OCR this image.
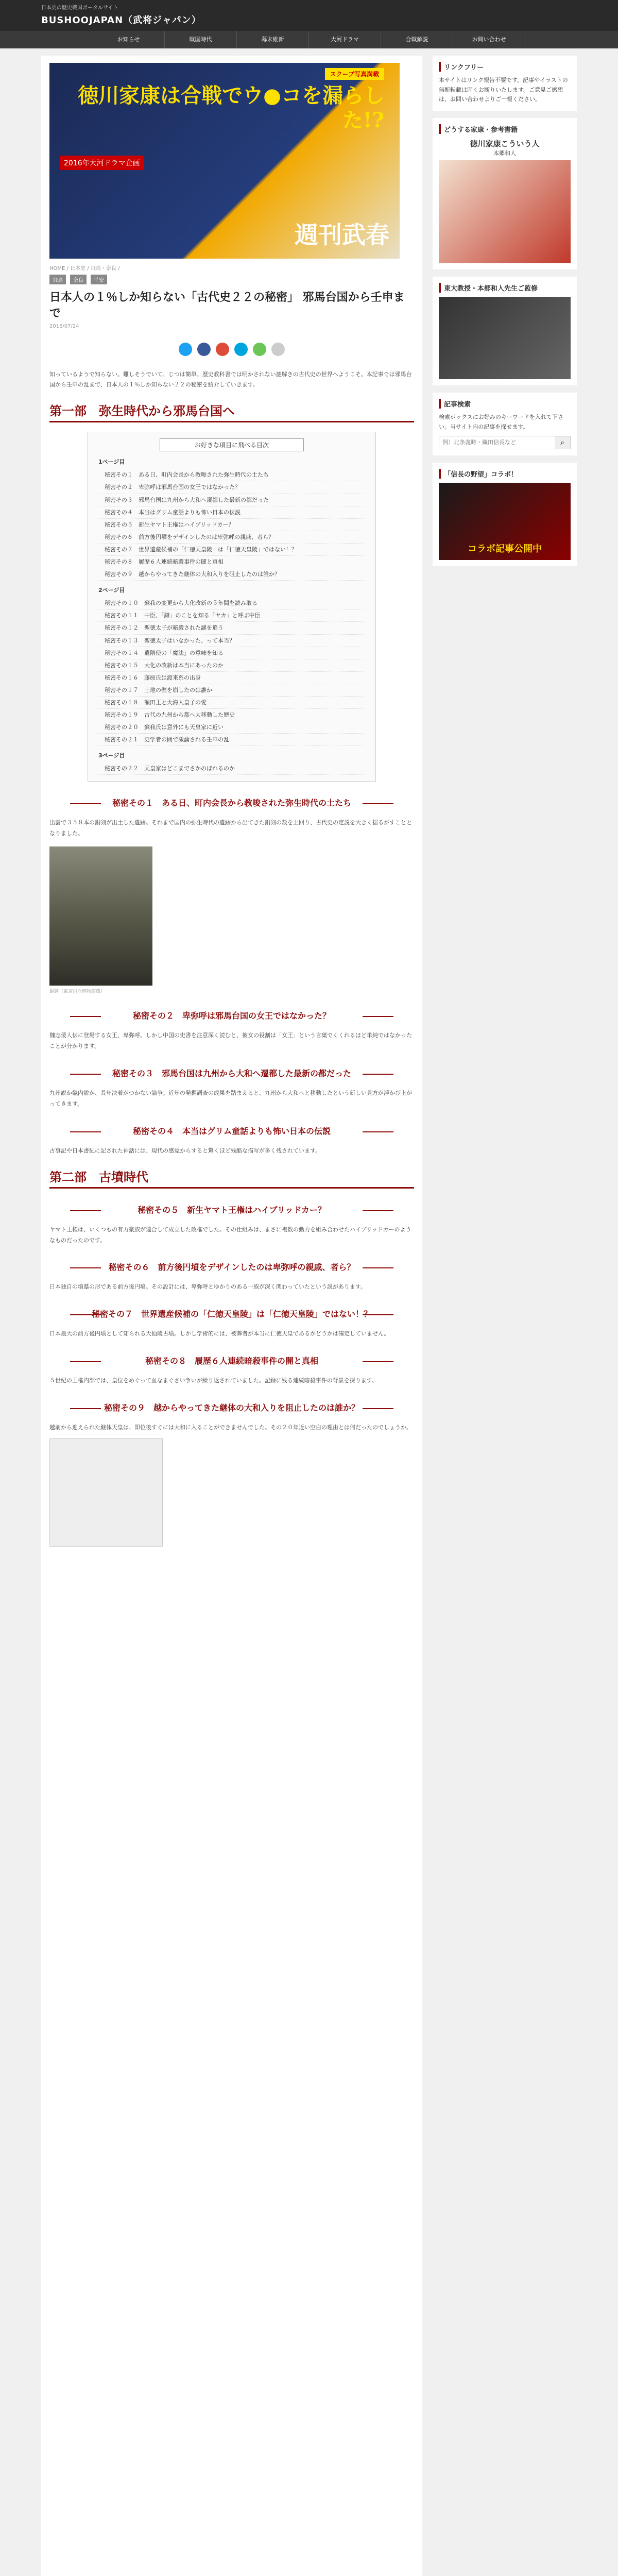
日本史の歴史戦国ポータルサイト
BUSHOOJAPAN（武将ジャパン）
お知らせ	戦国時代	幕末維新	大河ドラマ	合戦解説	お問い合わせ
スクープ写真満載
徳川家康は合戦でウ●コを漏らした!?
2016年大河ドラマ企画
週刊武春
HOME / 日本史 / 飛鳥・奈良 /
飛鳥 奈良 平安
日本人の１％しか知らない「古代史２２の秘密」 邪馬台国から壬申まで
2016/07/24

知っているようで知らない。難しそうでいて、じつは簡単。歴史教科書では明かされない謎解きの古代史の世界へようこそ。本記事では邪馬台国から壬申の乱まで、日本人の１％しか知らない２２の秘密を紹介していきます。

第一部　弥生時代から邪馬台国へ
お好きな項目に飛べる目次
1ページ目
秘密その１　ある日、町内会長から教唆された弥生時代の土たち
秘密その２　卑弥呼は邪馬台国の女王ではなかった？
秘密その３　邪馬台国は九州から大和へ遷都した最新の都だった
秘密その４　本当はグリム童話よりも怖い日本の伝説
秘密その５　新生ヤマト王権はハイブリッドカー？
秘密その６　前方後円墳をデザインしたのは卑弥呼の親戚、者ら？
秘密その７　世界遺産候補の「仁徳天皇陵」は「仁徳天皇陵」ではない！？
秘密その８　履歴６人連続暗殺事件の闇と真相
秘密その９　越からやってきた継体の大和入りを阻止したのは誰か？
2ページ目
秘密その１０　蘇我の変更から大化改新の５年間を読み取る
秘密その１１　中臣、「鎌」のことを知る「ヤカ」と呼ぶ中臣
秘密その１２　聖徳太子が暗殺された謎を追う
秘密その１３　聖徳太子はいなかった、って本当？
秘密その１４　遣隋使の「魔法」の意味を知る
秘密その１５　大化の改新は本当にあったのか
秘密その１６　藤原氏は渡来系の出身
秘密その１７　土地の壁を崩したのは誰か
秘密その１８　額田王と大海人皇子の愛
秘密その１９　古代の九州から都へ大移動した歴史
秘密その２０　蘇我氏は意外にも天皇家に近い
秘密その２１　史学者の間で激論される壬申の乱
3ページ目
秘密その２２　天皇家はどこまでさかのぼれるのか
秘密その１　ある日、町内会長から教唆された弥生時代の土たち

出雲で３５８本の銅剣が出土した遺跡。それまで国内の弥生時代の遺跡から出てきた銅剣の数を上回り、古代史の定説を大きく揺るがすこととなりました。

銅鐸（東京国立博物館蔵）
秘密その２　卑弥呼は邪馬台国の女王ではなかった？

魏志倭人伝に登場する女王、卑弥呼。しかし中国の史書を注意深く読むと、彼女の役割は「女王」という言葉でくくれるほど単純ではなかったことが分かります。

秘密その３　邪馬台国は九州から大和へ遷都した最新の都だった

九州説か畿内説か、長年決着がつかない論争。近年の発掘調査の成果を踏まえると、九州から大和へと移動したという新しい見方が浮かび上がってきます。

秘密その４　本当はグリム童話よりも怖い日本の伝説

古事記や日本書紀に記された神話には、現代の感覚からすると驚くほど残酷な描写が多く残されています。

第二部　古墳時代
秘密その５　新生ヤマト王権はハイブリッドカー？

ヤマト王権は、いくつもの有力豪族が連合して成立した政権でした。その仕組みは、まさに複数の動力を組み合わせたハイブリッドカーのようなものだったのです。

秘密その６　前方後円墳をデザインしたのは卑弥呼の親戚、者ら？

日本独自の墳墓の形である前方後円墳。その設計には、卑弥呼とゆかりのある一族が深く関わっていたという説があります。

秘密その７　世界遺産候補の「仁徳天皇陵」は「仁徳天皇陵」ではない！？

日本最大の前方後円墳として知られる大仙陵古墳。しかし学術的には、被葬者が本当に仁徳天皇であるかどうかは確定していません。

秘密その８　履歴６人連続暗殺事件の闇と真相

５世紀の王権内部では、皇位をめぐって血なまぐさい争いが繰り返されていました。記録に残る連続暗殺事件の背景を探ります。

秘密その９　越からやってきた継体の大和入りを阻止したのは誰か？

越前から迎えられた継体天皇は、即位後すぐには大和に入ることができませんでした。その２０年近い空白の理由とは何だったのでしょうか。

リンクフリー

本サイトはリンク報告不要です。記事やイラストの無断転載は固くお断りいたします。ご意見ご感想は、お問い合わせよりご一報ください。

どうする家康・参考書籍
徳川家康こういう人
本郷和人
東大教授・本郷和人先生ご監修
記事検索

検索ボックスにお好みのキーワードを入れて下さい。当サイト内の記事を探せます。

例）北条義時・織田信長など
⌕
「信長の野望」コラボ！
コラボ記事公開中
